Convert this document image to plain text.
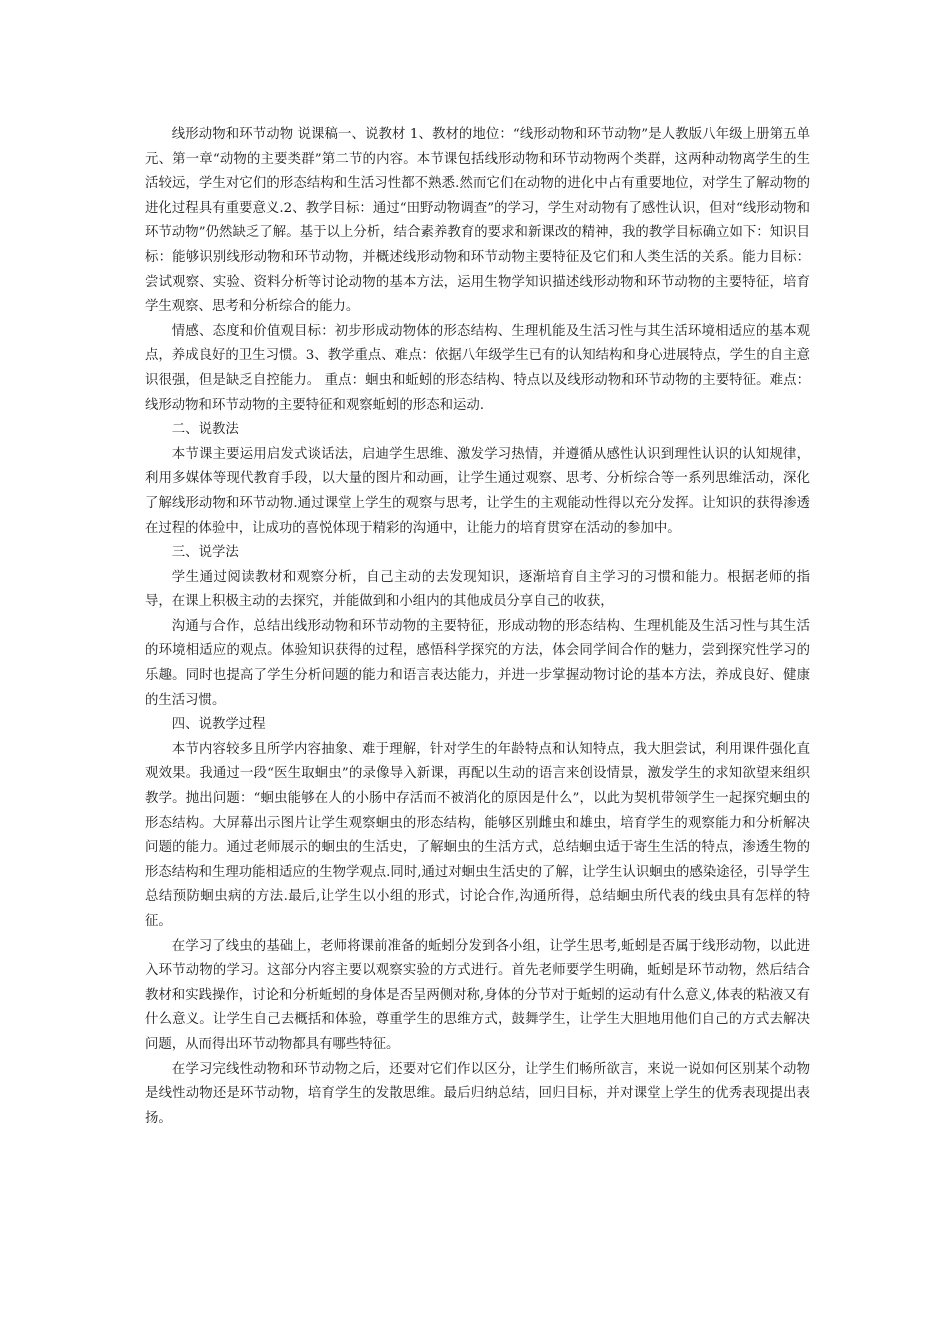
线形动物和环节动物 说课稿一、说教材 1、教材的地位：“线形动物和环节动物”是人教版八年级上册第五单元、第一章“动物的主要类群”第二节的内容。本节课包括线形动物和环节动物两个类群，这两种动物离学生的生活较远，学生对它们的形态结构和生活习性都不熟悉.然而它们在动物的进化中占有重要地位，对学生了解动物的进化过程具有重要意义.2、教学目标：通过“田野动物调查”的学习，学生对动物有了感性认识，但对“线形动物和环节动物”仍然缺乏了解。基于以上分析，结合素养教育的要求和新课改的精神，我的教学目标确立如下：知识目标：能够识别线形动物和环节动物，并概述线形动物和环节动物主要特征及它们和人类生活的关系。能力目标：尝试观察、实验、资料分析等讨论动物的基本方法，运用生物学知识描述线形动物和环节动物的主要特征，培育学生观察、思考和分析综合的能力。

情感、态度和价值观目标：初步形成动物体的形态结构、生理机能及生活习性与其生活环境相适应的基本观点，养成良好的卫生习惯。3、教学重点、难点：依据八年级学生已有的认知结构和身心进展特点，学生的自主意识很强，但是缺乏自控能力。 重点：蛔虫和蚯蚓的形态结构、特点以及线形动物和环节动物的主要特征。难点：线形动物和环节动物的主要特征和观察蚯蚓的形态和运动.

二、说教法

本节课主要运用启发式谈话法，启迪学生思维、激发学习热情，并遵循从感性认识到理性认识的认知规律，利用多媒体等现代教育手段，以大量的图片和动画，让学生通过观察、思考、分析综合等一系列思维活动，深化了解线形动物和环节动物.通过课堂上学生的观察与思考，让学生的主观能动性得以充分发挥。让知识的获得渗透在过程的体验中，让成功的喜悦体现于精彩的沟通中，让能力的培育贯穿在活动的参加中。

三、说学法

学生通过阅读教材和观察分析，自己主动的去发现知识，逐渐培育自主学习的习惯和能力。根据老师的指导，在课上积极主动的去探究，并能做到和小组内的其他成员分享自己的收获，

沟通与合作，总结出线形动物和环节动物的主要特征，形成动物的形态结构、生理机能及生活习性与其生活的环境相适应的观点。体验知识获得的过程，感悟科学探究的方法，体会同学间合作的魅力，尝到探究性学习的乐趣。同时也提高了学生分析问题的能力和语言表达能力，并进一步掌握动物讨论的基本方法，养成良好、健康的生活习惯。

四、说教学过程

本节内容较多且所学内容抽象、难于理解，针对学生的年龄特点和认知特点，我大胆尝试，利用课件强化直观效果。我通过一段“医生取蛔虫”的录像导入新课，再配以生动的语言来创设情景，激发学生的求知欲望来组织教学。抛出问题：“蛔虫能够在人的小肠中存活而不被消化的原因是什么”，以此为契机带领学生一起探究蛔虫的形态结构。大屏幕出示图片让学生观察蛔虫的形态结构，能够区别雌虫和雄虫，培育学生的观察能力和分析解决问题的能力。通过老师展示的蛔虫的生活史，了解蛔虫的生活方式，总结蛔虫适于寄生生活的特点，渗透生物的形态结构和生理功能相适应的生物学观点.同时,通过对蛔虫生活史的了解，让学生认识蛔虫的感染途径，引导学生总结预防蛔虫病的方法.最后,让学生以小组的形式，讨论合作,沟通所得，总结蛔虫所代表的线虫具有怎样的特征。

在学习了线虫的基础上，老师将课前准备的蚯蚓分发到各小组，让学生思考,蚯蚓是否属于线形动物，以此进入环节动物的学习。这部分内容主要以观察实验的方式进行。首先老师要学生明确，蚯蚓是环节动物，然后结合教材和实践操作，讨论和分析蚯蚓的身体是否呈两侧对称,身体的分节对于蚯蚓的运动有什么意义,体表的粘液又有什么意义。让学生自己去概括和体验，尊重学生的思维方式，鼓舞学生，让学生大胆地用他们自己的方式去解决问题，从而得出环节动物都具有哪些特征。

在学习完线性动物和环节动物之后，还要对它们作以区分，让学生们畅所欲言，来说一说如何区别某个动物是线性动物还是环节动物，培育学生的发散思维。最后归纳总结，回归目标，并对课堂上学生的优秀表现提出表扬。
